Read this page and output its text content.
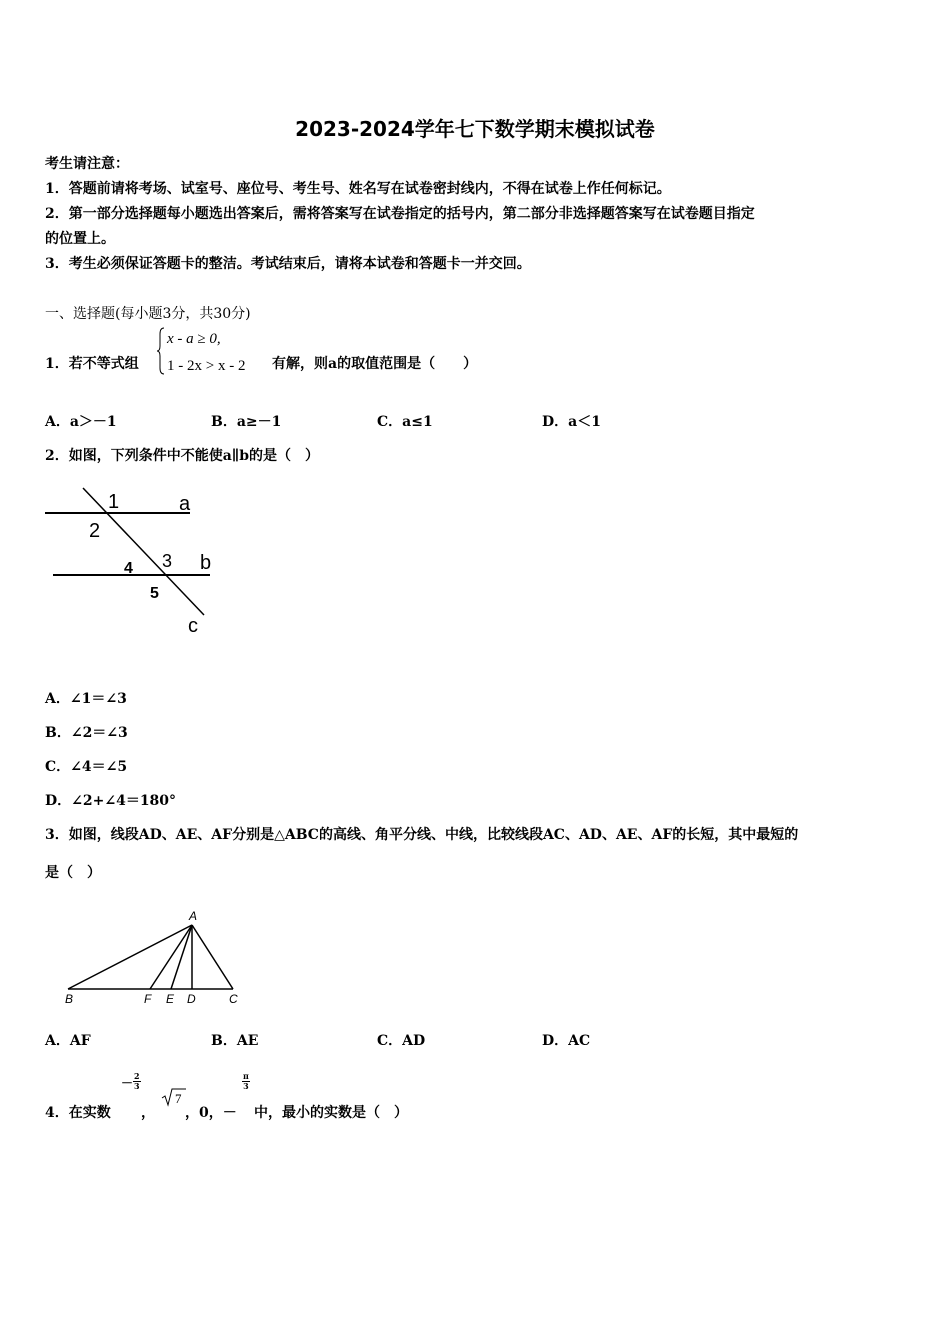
2023-2024学年七下数学期末模拟试卷
考生请注意：
1．答题前请将考场、试室号、座位号、考生号、姓名写在试卷密封线内，不得在试卷上作任何标记。
2．第一部分选择题每小题选出答案后，需将答案写在试卷指定的括号内，第二部分非选择题答案写在试卷题目指定
的位置上。
3．考生必须保证答题卡的整洁。考试结束后，请将本试卷和答题卡一并交回。
一、选择题(每小题3分，共30分)
1．若不等式组
x - a ≥ 0,
1 - 2x > x - 2 有解，则a的取值范围是（　　）
A．a＞－1	B．a≥－1	C．a≤1	D．a＜1
2．如图，下列条件中不能使a∥b的是（　）
1	a
2
3 b
4
5
c
A．∠1＝∠3
B．∠2＝∠3
C．∠4＝∠5
D．∠2+∠4＝180°
3．如图，线段AD、AE、AF分别是△ABC的高线、角平分线、中线，比较线段AC、AD、AE、AF的长短，其中最短的
是（　）
A
B	F E D	C
A．AF	B．AE	C．AD	D．AC
4．在实数
－ $\frac{2}{3}$
，
7
，0，－
$\frac{\pi}{3}$
中，最小的实数是（　）
